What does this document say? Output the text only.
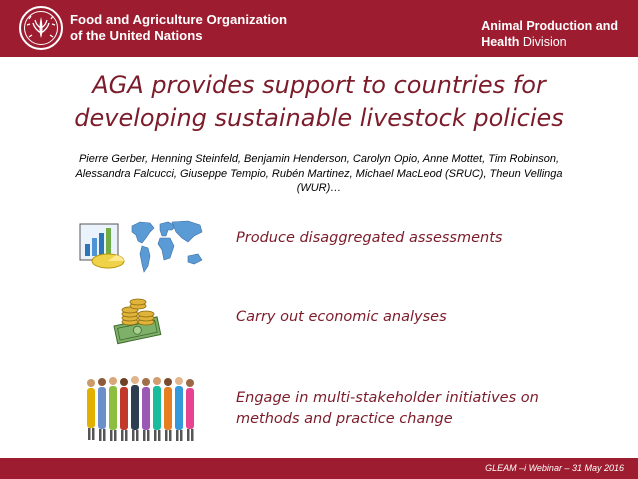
Food and Agriculture Organization
of the United Nations
Animal Production and
Health Division
AGA provides support to countries for
developing sustainable livestock policies
Pierre Gerber, Henning Steinfeld, Benjamin Henderson, Carolyn Opio, Anne Mottet, Tim Robinson,
Alessandra Falcucci, Giuseppe Tempio, Rubén Martinez, Michael MacLeod (SRUC), Theun Vellinga
(WUR)…
Produce disaggregated assessments
Carry out economic analyses
Engage in multi-stakeholder initiatives on
methods and practice change
GLEAM –i Webinar – 31 May 2016
